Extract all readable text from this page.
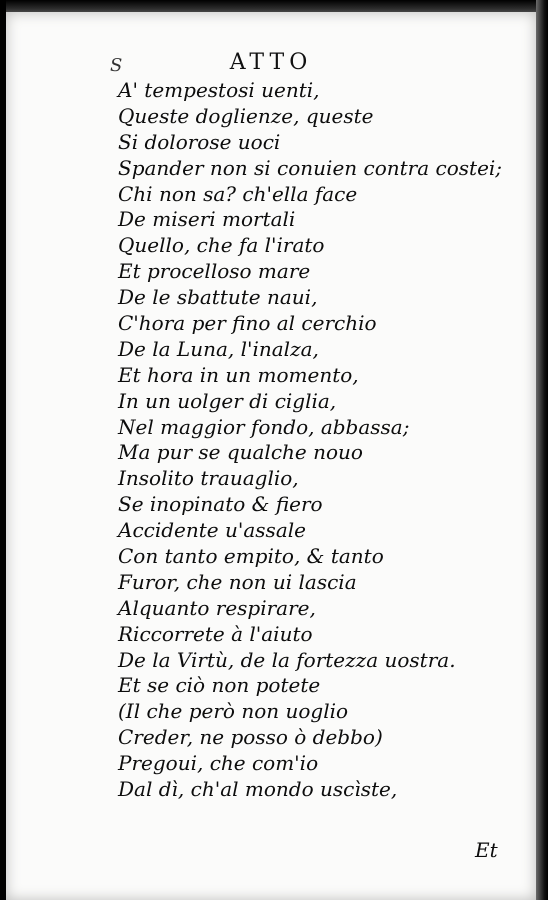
S	ATTO
A' tempestosi uenti,
Queste doglienze, queste
Si dolorose uoci
Spander non si conuien contra costei;
Chi non sa? ch'ella face
De miseri mortali
Quello, che fa l'irato
Et procelloso mare
De le sbattute naui,
C'hora per fino al cerchio
De la Luna, l'inalza,
Et hora in un momento,
In un uolger di ciglia,
Nel maggior fondo, abbassa;
Ma pur se qualche nouo
Insolito trauaglio,
Se inopinato & fiero
Accidente u'assale
Con tanto empito, & tanto
Furor, che non ui lascia
Alquanto respirare,
Riccorrete à l'aiuto
De la Virtù, de la fortezza uostra.
Et se ciò non potete
(Il che però non uoglio
Creder, ne posso ò debbo)
Pregoui, che com'io
Dal dì, ch'al mondo uscìste,
Et
